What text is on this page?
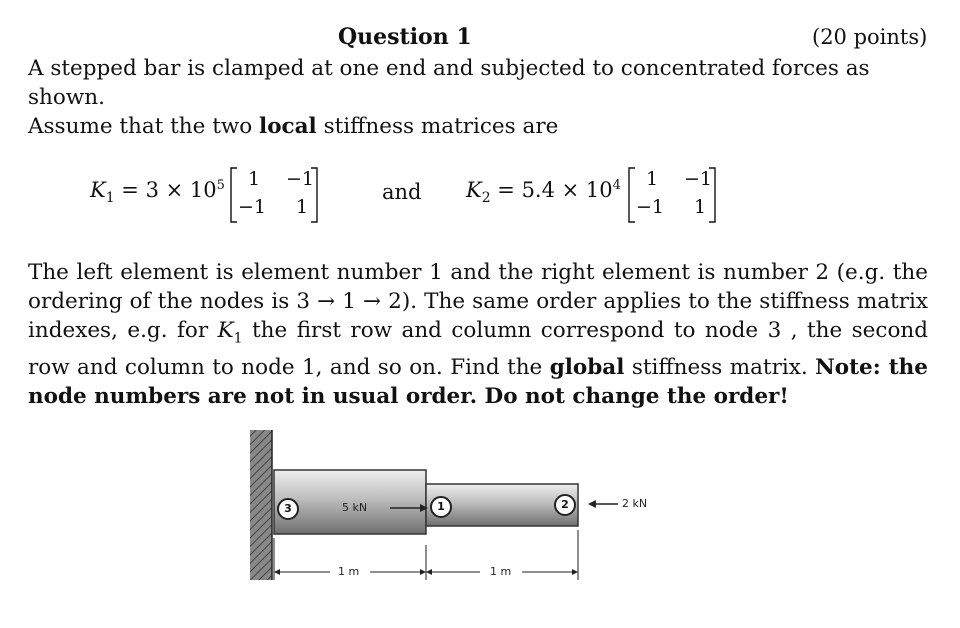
Question 1	(20 points)
A stepped bar is clamped at one end and subjected to concentrated forces as shown.
Assume that the two local stiffness matrices are
$K_1 = 3 \times 10^5$ 1 −1
−1 1
and $K_2 = 5.4 \times 10^4$ 1 −1
−1 1
The left element is element number 1 and the right element is number 2 (e.g. the ordering of the nodes is 3 → 1 → 2). The same order applies to the stiffness matrix indexes, e.g. for $K_1$ the first row and column correspond to node 3 , the second row and column to node 1, and so on. Find the global stiffness matrix. Note: the node numbers are not in usual order. Do not change the order!
3	1	2
5 kN	2 kN
1 m	1 m
